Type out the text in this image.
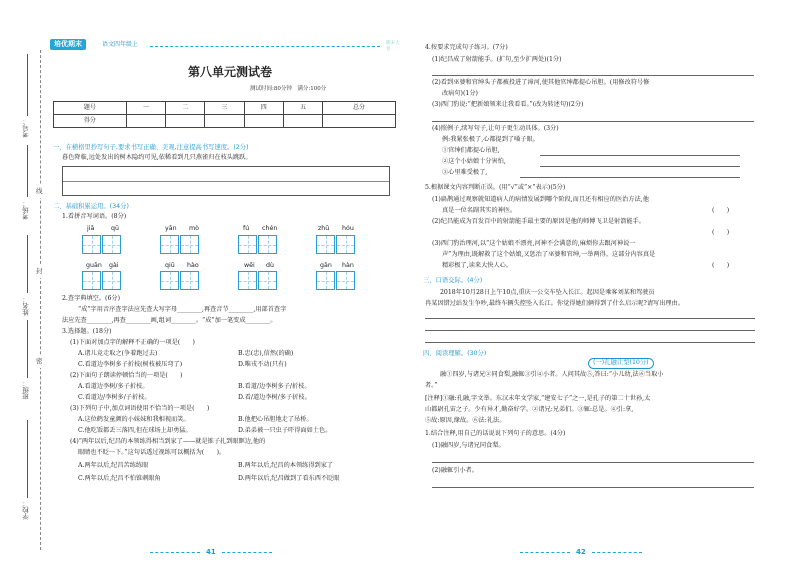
考号：
考场：
姓名：
班级：
学校：
线
封
密
培优期末	语文四年级上	期末大卷
第八单元测试卷
测试时间:80分钟　满分:100分
题号	一	二	三	四	五	总分
得分						
一、在横格里抄写句子,要求书写正确、美观,注意提高书写速度。(2分)
暮色降临,远处发出的树木隐约可见,依稀看到几只燕雀归在枝头跳跃。
二、基础积累运用。(34分)
1.看拼音写词语。(8分)
jiā	qū	yān mò	fú chén	zhū hóu
guān gài	qiū hào	wēi dù	gān hàn
2.查字典填空。(6分)
“成”字用音序查字法应先查大写字母________,再查音节________,用部首查字
法应先查________,再查________画,组词________。“成”加一笔变成________。
3.选择题。(18分)
(1)下面对加点字的解释不正确的一项是(　　)
A.诸儿竞走取之(争着跑过去)	B.忠(忠),信然(的确)
C.看道边李树多子折枝(树枝被压弯了)	D.唯戎不动(只有)
(2)下面句子朗读停顿恰当的一项是(　　)
A.看道边李树/多子折枝。	B.看道/边李树多子/折枝。
C.看道边/李树多/子折枝。	D.看/道边李树/多子折枝。
(3)下列句子中,加点词语使用不恰当的一项是(　　)
A.这位鹤发童颜的小妹妹和我相视而笑。	B.他把心吊胆地走了吊桥。
C.他吃饭都丢三落四,但在球场上却勇猛。	D.弟弟被一只虫子吓得面如土色。
(4)“两年以后,纪昌的本领练得相当到家了——就是锥子扎到眼眶边,他的
眼睛也不眨一下。”这句话透过视练可以概括为(　　)。
A.两年以后,纪昌苦练练眼	B.两年以后,纪昌的本领练得到家了
C.两年以后,纪昌不怕锥刺眼角	D.两年以后,纪昌做到了看东西不眨眼
41	42
4.按要求完成句子练习。(7分)
(1)纪昌成了射箭能手。(扩句,至少扩两处)(1分)
(2)看到巫婆和官绅头子都被投进了漳河,使其他官绅都提心吊胆。(用修改符号修
改病句)(1分)
(3)西门豹说:“把新娘领来让我看看。”(改为转述句)(2分)
(4)照例子,续写句子,让句子更生动具体。(3分)
例:我紧张极了,心都提到了嗓子眼。
①官绅们都提心吊胆,
②这个小姑娘十分害怕,
③心里难受极了,
5.根据课文内容判断正误。(用“√”或“×”表示)(5分)
(1)扁鹊通过观察就知道病人的病情发展到哪个阶段,而且还有相应的医治方法,他
真是一位名副其实的神医。	(　　)
(2)纪昌能成为百发百中的射箭能手最主要的原因是他的师傅飞卫是射箭能手。
(　　)
(3)西门豹治理河,以“这个姑娘不漂亮,河神不会满意的,麻烦你去跟河神说一
声”为理由,既解救了这个姑娘,又惩治了巫婆和官绅,一举两得。这部分内容真是
精彩极了,读来大快人心。	(　　)
三、口语交际。(4分)
2018年10月28日上午10点,重庆一公交车坠入长江。起因是乘客刘某和驾驶员
冉某因错过站发生争吵,最终车辆失控坠入长江。你觉得她们俩得到了什么启示呢?请写出理由。
四、阅读理解。(30分)
(一)孔融让梨(10分)
融①四岁,与诸兄②同食梨,融辄③引④小者。人问其故⑤,答曰:“小儿幼,法⑥当取小
者。”
[注释]①融:孔融,字文举。东汉末年文学家,“建安七子”之一,是孔子的第二十世孙,太
山都尉孔宙之子。少有异才,勤奋好学。②诸兄:兄弟们。③辄:总是。④引:拿,
⑤故:原因,缘故。⑥法:礼法。
1.结合注释,用自己的话说说下列句子的意思。(4分)
(1)融四岁,与诸兄同食梨。
(2)融辄引小者。
